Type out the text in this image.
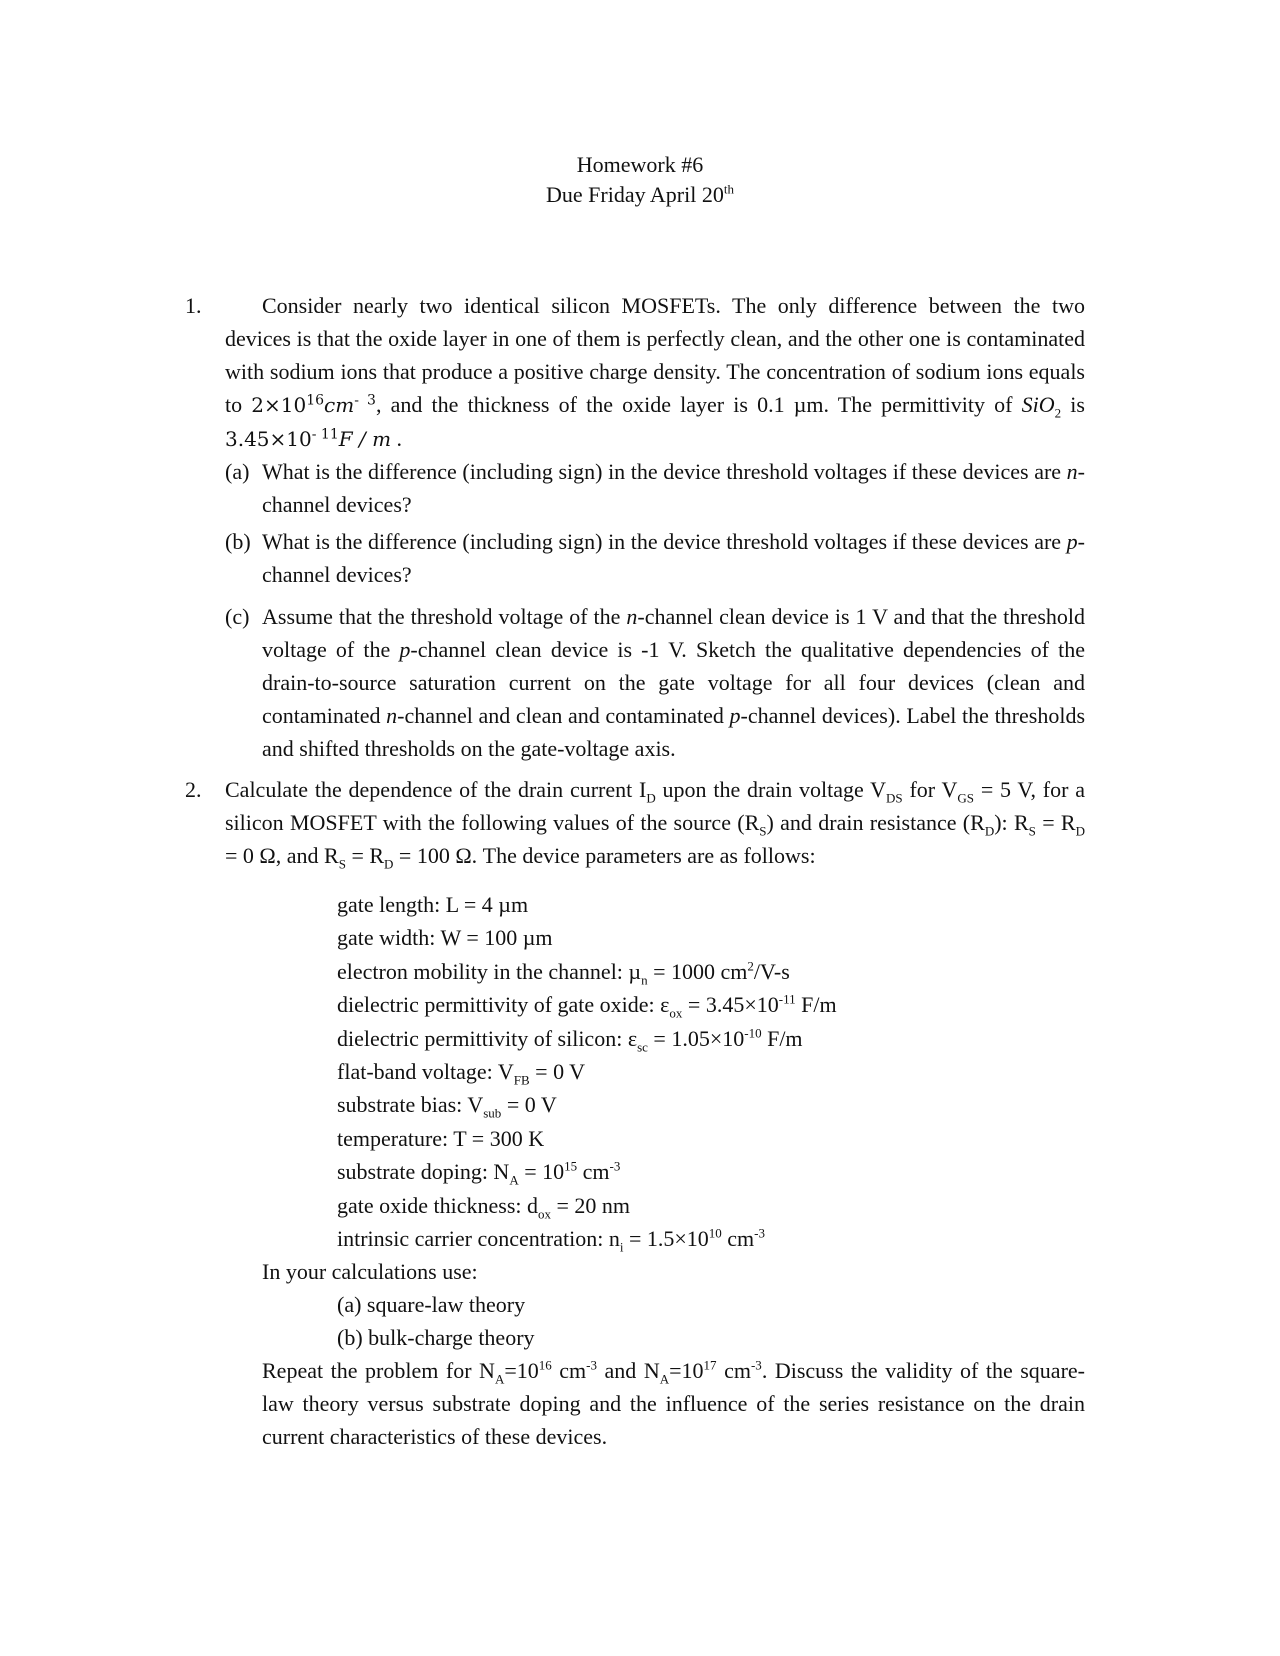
Homework #6
Due Friday April 20th
1.	Consider nearly two identical silicon MOSFETs. The only difference between the two devices is that the oxide layer in one of them is perfectly clean, and the other one is contaminated with sodium ions that produce a positive charge density. The concentration of sodium ions equals to $2\times 10^{16}cm^{- 3}$, and the thickness of the oxide layer is 0.1 µm. The permittivity of SiO$_2$ is $3.45\times 10^{- 11}F / m$ .
(a) What is the difference (including sign) in the device threshold voltages if these devices are n-channel devices?
(b) What is the difference (including sign) in the device threshold voltages if these devices are p-channel devices?
(c) Assume that the threshold voltage of the n-channel clean device is 1 V and that the threshold voltage of the p-channel clean device is -1 V. Sketch the qualitative dependencies of the drain-to-source saturation current on the gate voltage for all four devices (clean and contaminated n-channel and clean and contaminated p-channel devices). Label the thresholds and shifted thresholds on the gate-voltage axis.
2. Calculate the dependence of the drain current $I_D$ upon the drain voltage $V_{DS}$ for $V_{GS} = 5$ V, for a silicon MOSFET with the following values of the source $(R_S)$ and drain resistance $(R_D)$: $R_S = R_D = 0$ Ω, and $R_S = R_D = 100$ Ω. The device parameters are as follows:
gate length: L = 4 µm
gate width: W = 100 µm
electron mobility in the channel: µ$_n$ = 1000 $cm^2/V-s$
dielectric permittivity of gate oxide: $\varepsilon_{ox} = 3.45\times 10^{-11}$ F/m
dielectric permittivity of silicon: $\varepsilon_{sc} = 1.05\times 10^{-10}$ F/m
flat-band voltage: $V_{FB} = 0$ V
substrate bias: $V_{sub} = 0$ V
temperature: T = 300 K
substrate doping: $N_A = 10^{15}$ $cm^{-3}$
gate oxide thickness: $d_{ox} = 20$ nm
intrinsic carrier concentration: $n_i = 1.5\times 10^{10}$ $cm^{-3}$
In your calculations use:
(a) square-law theory
(b) bulk-charge theory
Repeat the problem for $N_A=10^{16}$ $cm^{-3}$ and $N_A=10^{17}$ $cm^{-3}$. Discuss the validity of the square-law theory versus substrate doping and the influence of the series resistance on the drain current characteristics of these devices.
